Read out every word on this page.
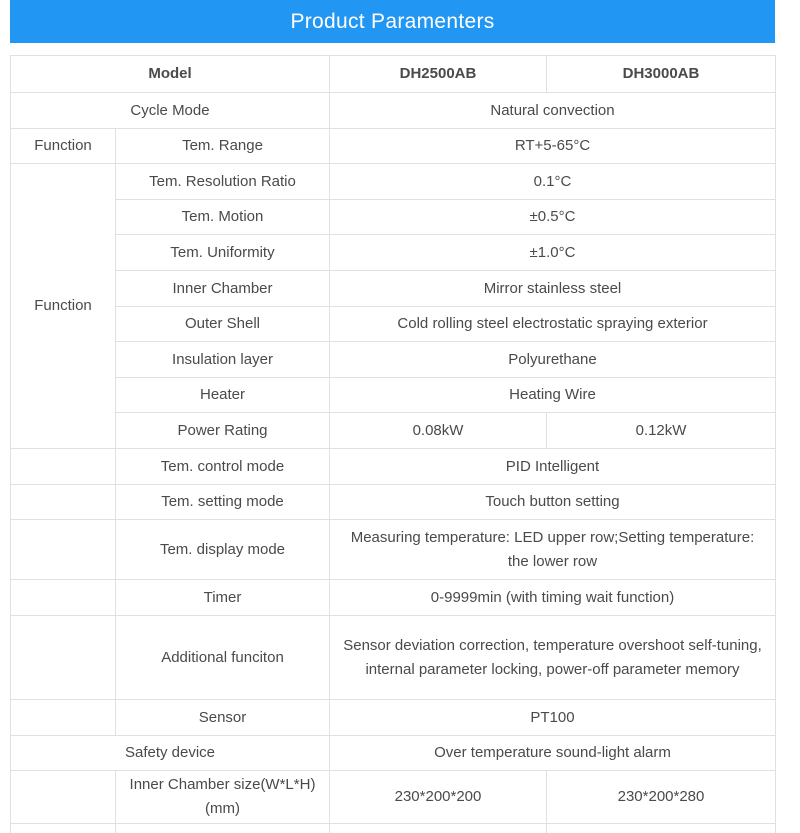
Product Paramenters
Model		DH2500AB	DH3000AB
Cycle Mode		Natural convection	
Function	Tem. Range	RT+5-65°C	
Function	Tem. Resolution Ratio	0.1°C	
	Tem. Motion	±0.5°C	
	Tem. Uniformity	±1.0°C	
	Inner Chamber	Mirror stainless steel	
	Outer Shell	Cold rolling steel electrostatic spraying exterior	
	Insulation layer	Polyurethane	
	Heater	Heating Wire	
	Power Rating	0.08kW	0.12kW
	Tem. control mode	PID Intelligent	
	Tem. setting mode	Touch button setting	
	Tem. display mode	Measuring temperature: LED upper row;Setting temperature: the lower row	
	Timer	0-9999min (with timing wait function)	
	Additional funciton	Sensor deviation correction, temperature overshoot self-tuning, internal parameter locking, power-off parameter memory	
	Sensor	PT100	
Safety device		Over temperature sound-light alarm	
	Inner Chamber size(W*L*H)(mm)	230*200*200	230*200*280
